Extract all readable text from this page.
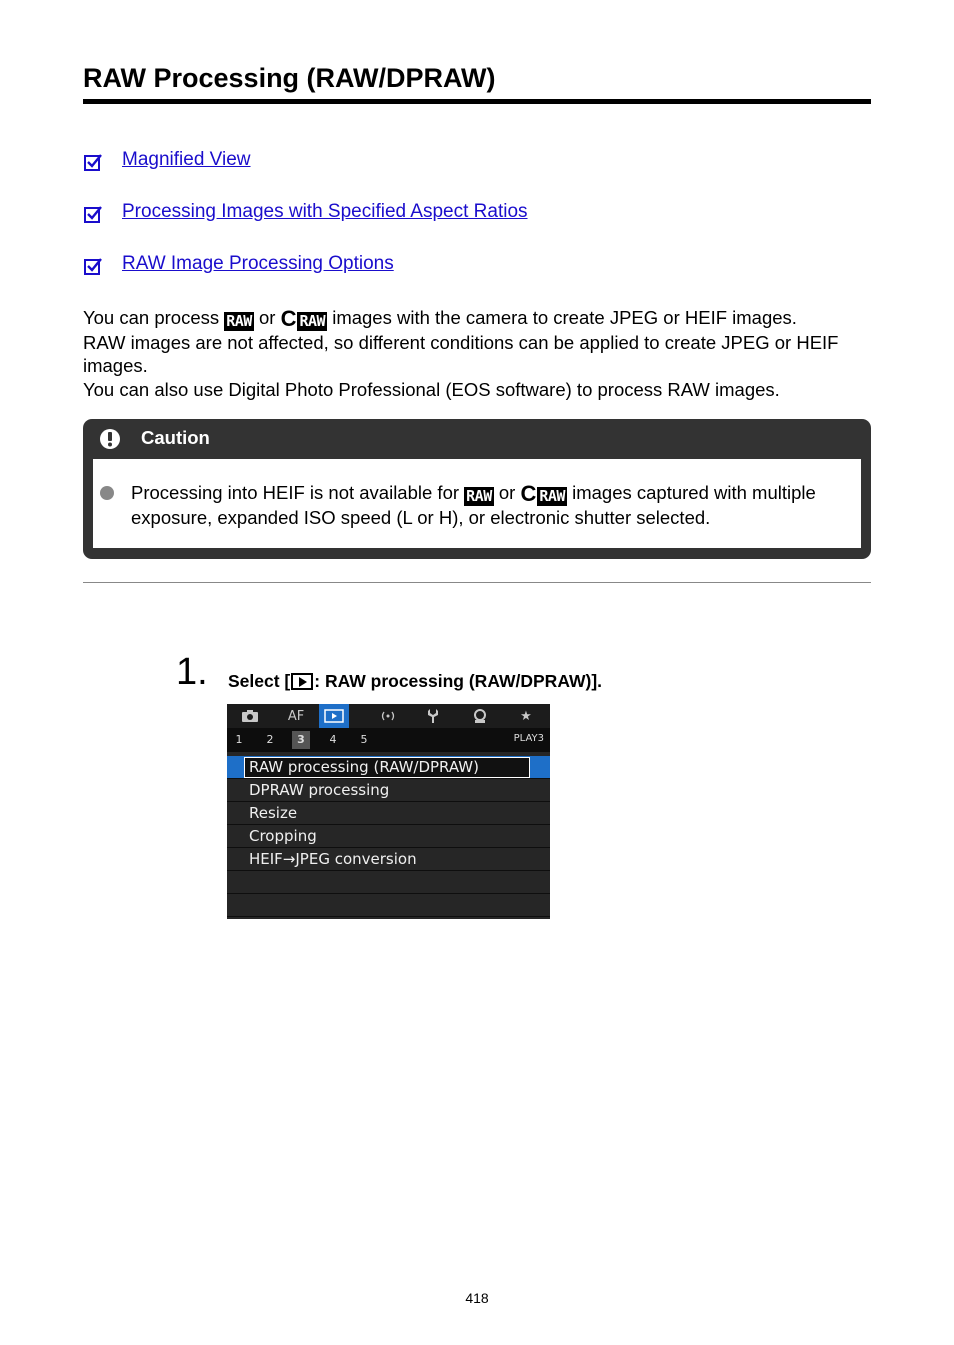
RAW Processing (RAW/DPRAW)
Magnified View
Processing Images with Specified Aspect Ratios
RAW Image Processing Options

You can process RAW or C RAW images with the camera to create JPEG or HEIF images.

RAW images are not affected, so different conditions can be applied to create JPEG or HEIF images.

You can also use Digital Photo Professional (EOS software) to process RAW images.

Caution
Processing into HEIF is not available for RAW or C RAW images captured with multiple exposure, expanded ISO speed (L or H), or electronic shutter selected.
1. Select [ : RAW processing (RAW/DPRAW)].
AF	★
1	2	3	4	5	PLAY3
RAW processing (RAW/DPRAW)
DPRAW processing
Resize
Cropping
HEIF→JPEG conversion
418
